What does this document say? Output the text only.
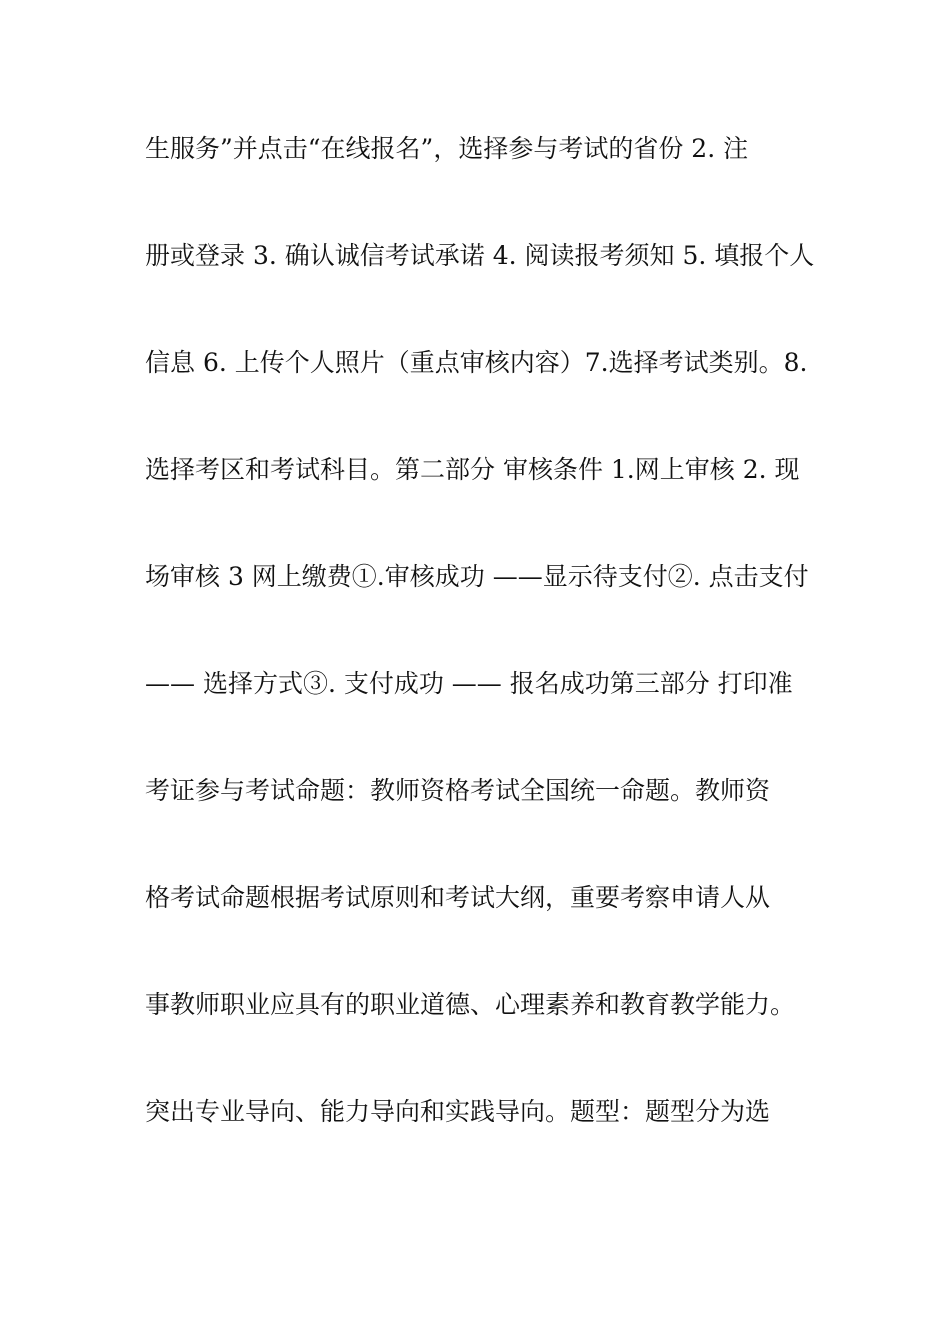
生服务”并点击“在线报名”，选择参与考试的省份 2. 注
册或登录 3. 确认诚信考试承诺 4. 阅读报考须知 5. 填报个人
信息 6. 上传个人照片（重点审核内容）7.选择考试类别。8.
选择考区和考试科目。第二部分 审核条件 1.网上审核 2. 现
场审核 3 网上缴费①.审核成功 ——显示待支付②. 点击支付
—— 选择方式③. 支付成功 —— 报名成功第三部分 打印准
考证参与考试命题：教师资格考试全国统一命题。教师资
格考试命题根据考试原则和考试大纲，重要考察申请人从
事教师职业应具有的职业道德、心理素养和教育教学能力。
突出专业导向、能力导向和实践导向。题型：题型分为选
